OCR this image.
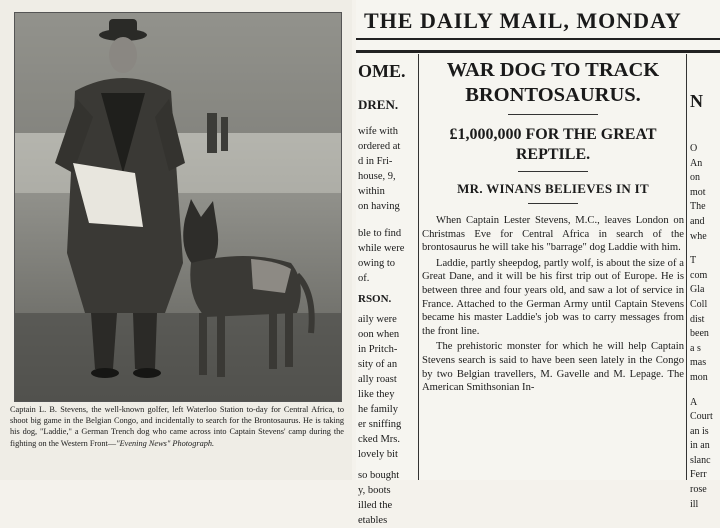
Captain L. B. Stevens, the well-known golfer, left Waterloo Station to-day for Central Africa, to shoot big game in the Belgian Congo, and incidentally to search for the Brontosaurus. He is taking his dog, "Laddie," a German Trench dog who came across into Captain Stevens' camp during the fighting on the Western Front—"Evening News" Photograph.
THE DAILY MAIL, MONDAY
OME.
DREN.

wife with

ordered at

d in Fri-

house, 9,

within

on having

ble to find

while were

owing to

of.

RSON.

aily were

oon when

in Pritch-

sity of an

ally roast

like they

he family

er sniffing

cked Mrs.

lovely bit

so bought

y, boots

illed the

etables

WAR DOG TO TRACK BRONTOSAURUS.
£1,000,000 FOR THE GREAT REPTILE.
MR. WINANS BELIEVES IN IT

When Captain Lester Stevens, M.C., leaves London on Christmas Eve for Central Africa in search of the brontosaurus he will take his "barrage" dog Laddie with him.

Laddie, partly sheepdog, partly wolf, is about the size of a Great Dane, and it will be his first trip out of Europe. He is between three and four years old, and saw a lot of service in France. Attached to the German Army until Captain Stevens became his master Laddie's job was to carry messages from the front line.

The prehistoric monster for which he will help Captain Stevens search is said to have been seen lately in the Congo by two Belgian travellers, M. Gavelle and M. Lepage. The American Smithsonian In-

N

O

An

on

mot

The

and

whe

T

com

Gla

Coll

dist

been

a s

mas

mon

A

Court

an is

in an

slanc

Ferr

rose

ill
